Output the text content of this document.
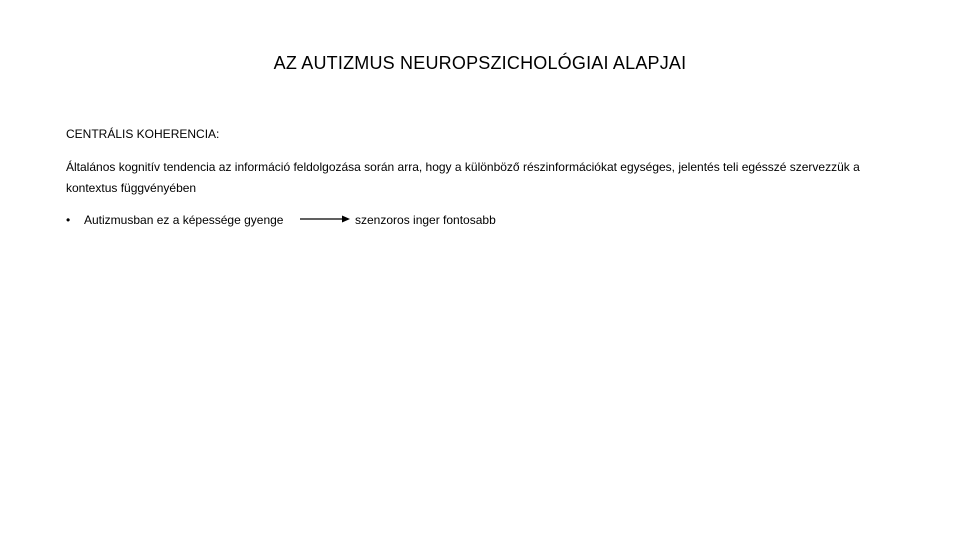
AZ AUTIZMUS NEUROPSZICHOLÓGIAI ALAPJAI
CENTRÁLIS KOHERENCIA:
Általános kognitív tendencia az információ feldolgozása során arra, hogy a különböző részinformációkat egységes, jelentés teli egésszé szervezzük a kontextus függvényében
• Autizmusban ez a képessége gyenge	szenzoros inger fontosabb
